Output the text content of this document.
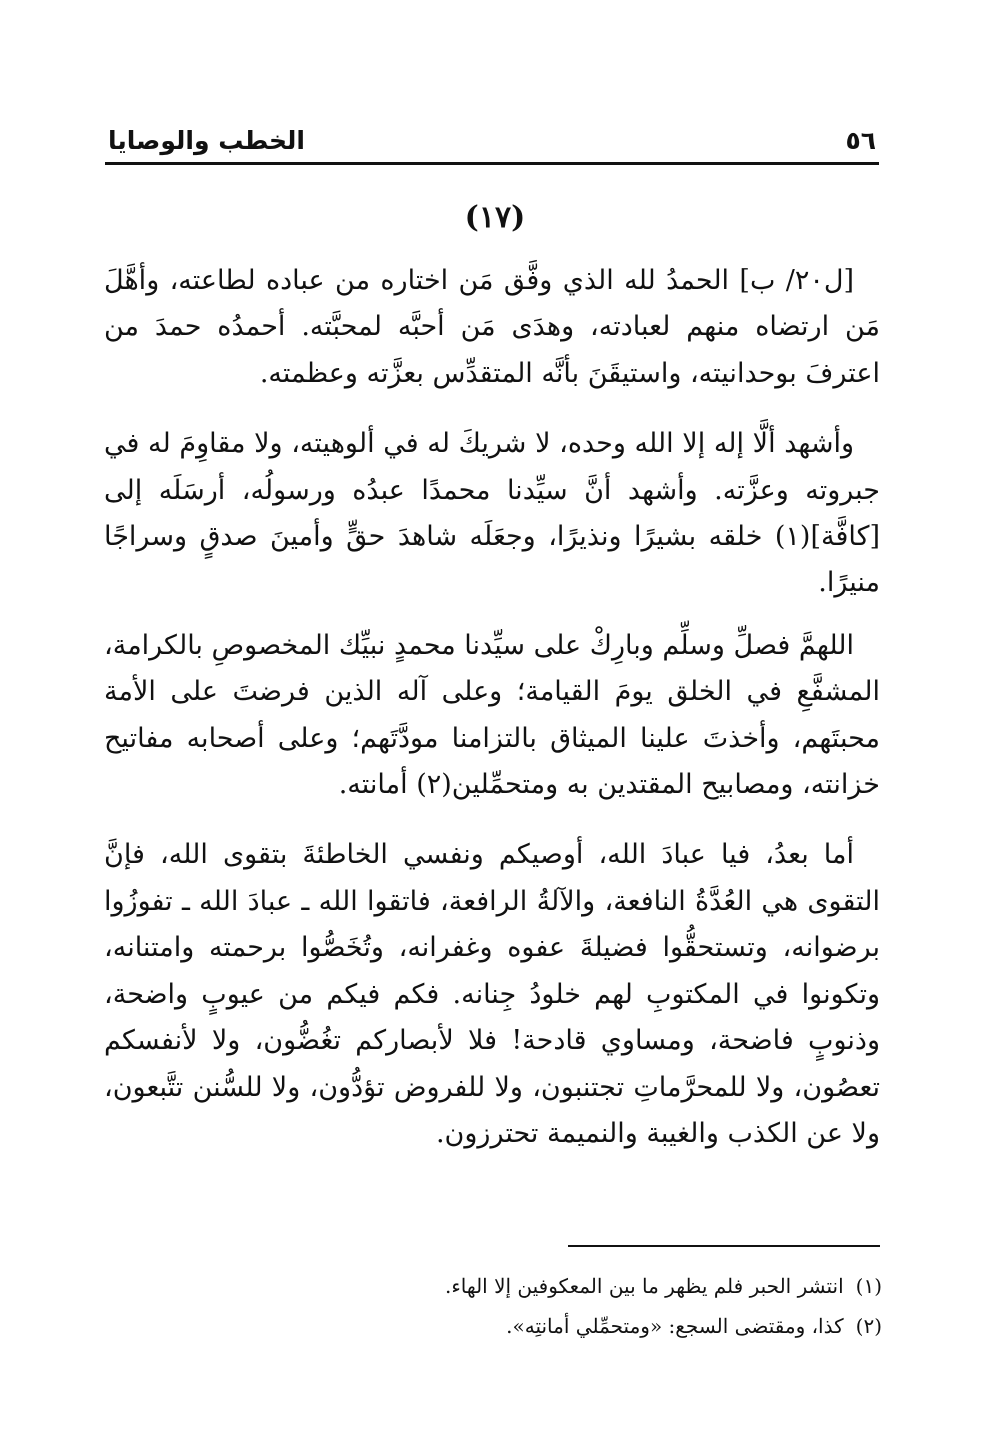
٥٦
الخطب والوصايا
(١٧)

[ل٢٠/ ب] الحمدُ لله الذي وفَّق مَن اختاره من عباده لطاعته، وأهَّلَ مَن ارتضاه منهم لعبادته، وهدَى مَن أحبَّه لمحبَّته. أحمدُه حمدَ من اعترفَ بوحدانيته، واستيقَنَ بأنَّه المتقدِّس بعزَّته وعظمته.

وأشهد ألَّا إله إلا الله وحده، لا شريكَ له في ألوهيته، ولا مقاوِمَ له في جبروته وعزَّته. وأشهد أنَّ سيِّدنا محمدًا عبدُه ورسولُه، أرسَلَه إلى [كافَّة](١) خلقه بشيرًا ونذيرًا، وجعَلَه شاهدَ حقٍّ وأمينَ صدقٍ وسراجًا منيرًا.

اللهمَّ فصلِّ وسلِّم وبارِكْ على سيِّدنا محمدٍ نبيِّك المخصوصِ بالكرامة، المشفَّعِ في الخلق يومَ القيامة؛ وعلى آله الذين فرضتَ على الأمة محبتَهم، وأخذتَ علينا الميثاق بالتزامنا مودَّتَهم؛ وعلى أصحابه مفاتيح خزانته، ومصابيح المقتدين به ومتحمِّلين(٢) أمانته.

أما بعدُ، فيا عبادَ الله، أوصيكم ونفسي الخاطئةَ بتقوى الله، فإنَّ التقوى هي العُدَّةُ النافعة، والآلةُ الرافعة، فاتقوا الله ـ عبادَ الله ـ تفوزُوا برضوانه، وتستحقُّوا فضيلةَ عفوه وغفرانه، وتُخَصُّوا برحمته وامتنانه، وتكونوا في المكتوبِ لهم خلودُ جِنانه. فكم فيكم من عيوبٍ واضحة، وذنوبٍ فاضحة، ومساوي قادحة! فلا لأبصاركم تغُضُّون، ولا لأنفسكم تعصُون، ولا للمحرَّماتِ تجتنبون، ولا للفروض تؤدُّون، ولا للسُّنن تتَّبعون، ولا عن الكذب والغيبة والنميمة تحترزون.

(١)
انتشر الحبر فلم يظهر ما بين المعكوفين إلا الهاء.
(٢)
كذا، ومقتضى السجع: «ومتحمِّلي أمانتِه».
